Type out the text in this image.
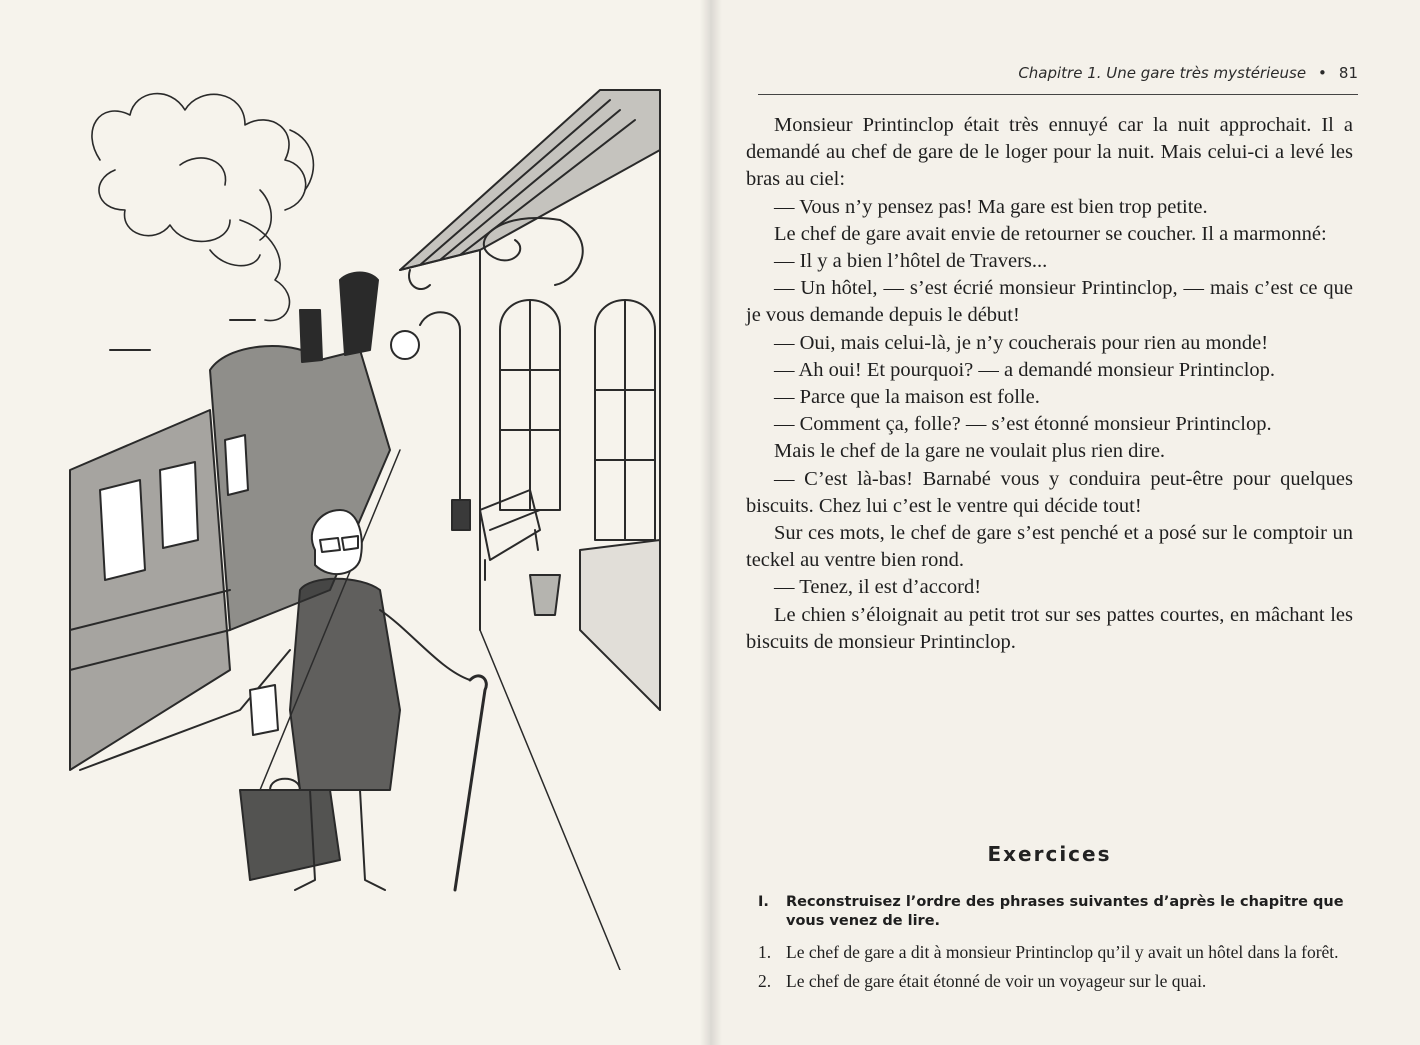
Chapitre 1. Une gare très mystérieuse • 81

Monsieur Printinclop était très ennuyé car la nuit approchait. Il a demandé au chef de gare de le loger pour la nuit. Mais celui-ci a levé les bras au ciel:

— Vous n’y pensez pas! Ma gare est bien trop petite.

Le chef de gare avait envie de retourner se coucher. Il a marmonné:

— Il y a bien l’hôtel de Travers...

— Un hôtel, — s’est écrié monsieur Printinclop, — mais c’est ce que je vous demande depuis le début!

— Oui, mais celui-là, je n’y coucherais pour rien au monde!

— Ah oui! Et pourquoi? — a demandé monsieur Printinclop.

— Parce que la maison est folle.

— Comment ça, folle? — s’est étonné monsieur Printinclop.

Mais le chef de la gare ne voulait plus rien dire.

— C’est là-bas! Barnabé vous y conduira peut-être pour quelques biscuits. Chez lui c’est le ventre qui décide tout!

Sur ces mots, le chef de gare s’est penché et a posé sur le comptoir un teckel au ventre bien rond.

— Tenez, il est d’accord!

Le chien s’éloignait au petit trot sur ses pattes courtes, en mâchant les biscuits de monsieur Printinclop.

Exercices
I.	Reconstruisez l’ordre des phrases suivantes d’après le chapitre que vous venez de lire.
1. Le chef de gare a dit à monsieur Printinclop qu’il y avait un hôtel dans la forêt.
2. Le chef de gare était étonné de voir un voyageur sur le quai.
